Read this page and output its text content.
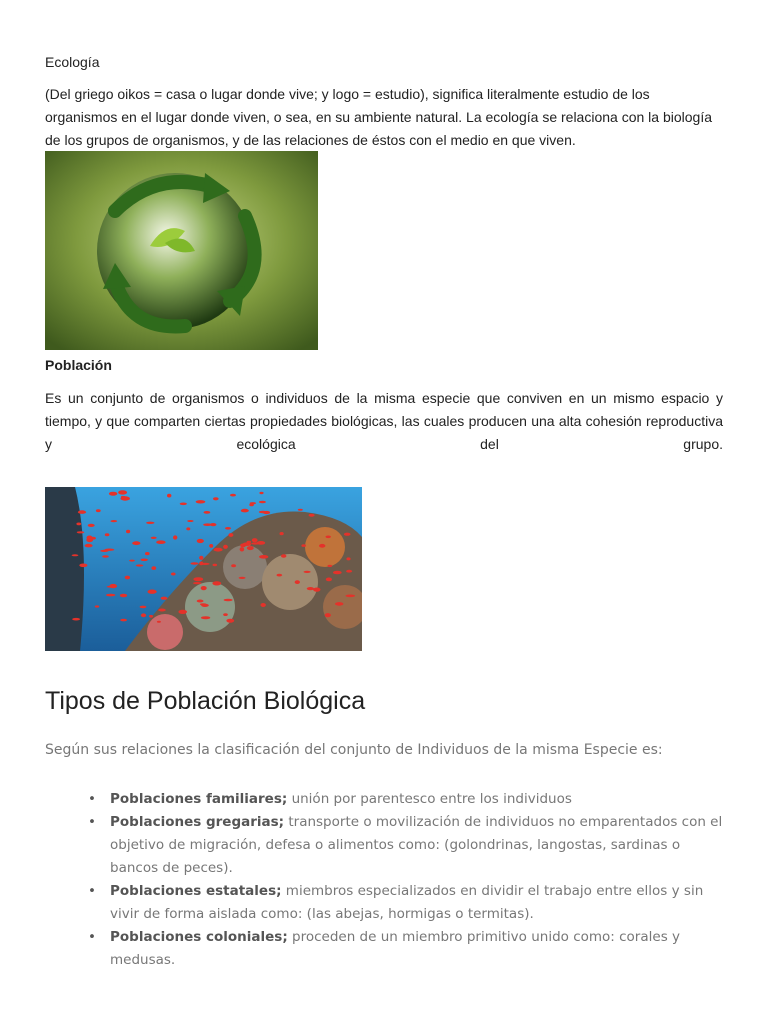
Ecología

(Del griego oikos = casa o lugar donde vive; y logo = estudio), significa literalmente estudio de los organismos en el lugar donde viven, o sea, en su ambiente natural. La ecología se relaciona con la biología de los grupos de organismos, y de las relaciones de éstos con el medio en que viven.

Población

Es un conjunto de organismos o individuos de la misma especie que conviven en un mismo espacio y tiempo, y que comparten ciertas propiedades biológicas, las cuales producen una alta cohesión reproductiva y ecológica del grupo.

Tipos de Población Biológica

Según sus relaciones la clasificación del conjunto de Individuos de la misma Especie es:

• Poblaciones familiares; unión por parentesco entre los individuos
• Poblaciones gregarias; transporte o movilización de individuos no emparentados con el objetivo de migración, defesa o alimentos como: (golondrinas, langostas, sardinas o bancos de peces).
• Poblaciones estatales; miembros especializados en dividir el trabajo entre ellos y sin vivir de forma aislada como: (las abejas, hormigas o termitas).
• Poblaciones coloniales; proceden de un miembro primitivo unido como: corales y medusas.
